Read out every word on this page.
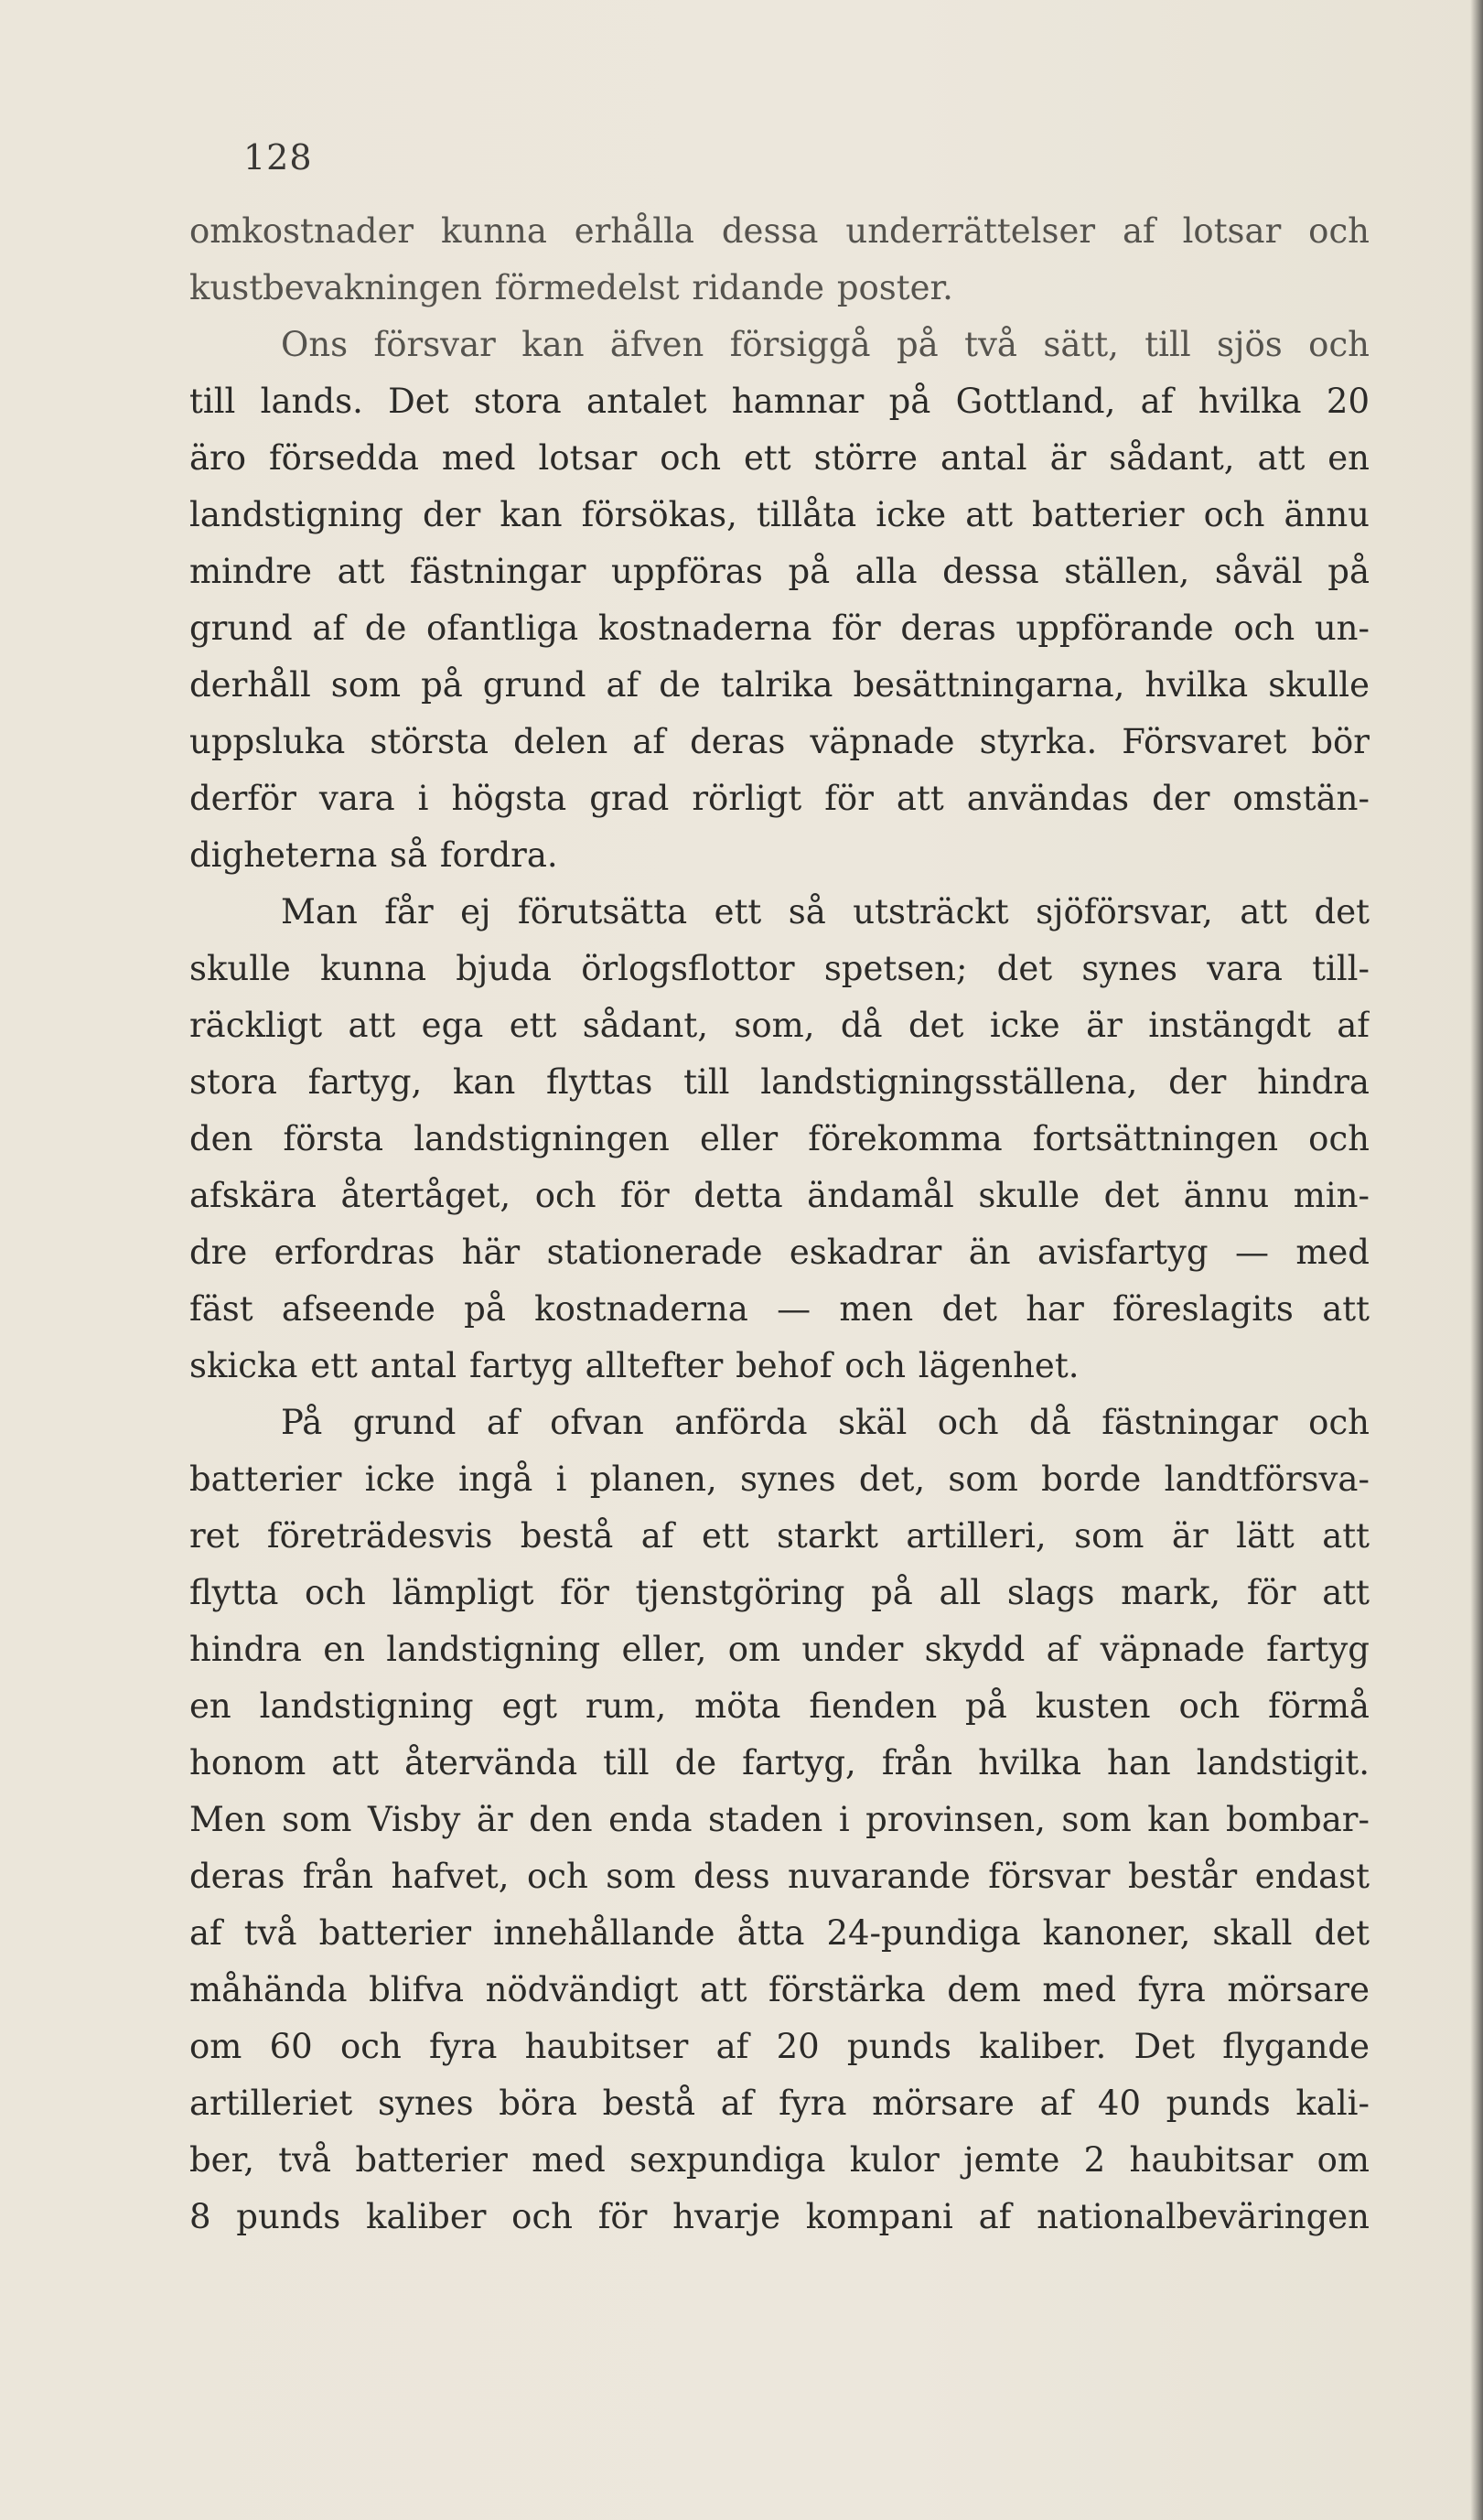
128
omkostnader kunna erhålla dessa underrättelser af lotsar och
kustbevakningen förmedelst ridande poster.
Ons försvar kan äfven försiggå på två sätt, till sjös och
till lands. Det stora antalet hamnar på Gottland, af hvilka 20
äro försedda med lotsar och ett större antal är sådant, att en
landstigning der kan försökas, tillåta icke att batterier och ännu
mindre att fästningar uppföras på alla dessa ställen, såväl på
grund af de ofantliga kostnaderna för deras uppförande och un-
derhåll som på grund af de talrika besättningarna, hvilka skulle
uppsluka största delen af deras väpnade styrka. Försvaret bör
derför vara i högsta grad rörligt för att användas der omstän-
digheterna så fordra.
Man får ej förutsätta ett så utsträckt sjöförsvar, att det
skulle kunna bjuda örlogsflottor spetsen; det synes vara till-
räckligt att ega ett sådant, som, då det icke är instängdt af
stora fartyg, kan flyttas till landstigningsställena, der hindra
den första landstigningen eller förekomma fortsättningen och
afskära återtåget, och för detta ändamål skulle det ännu min-
dre erfordras här stationerade eskadrar än avisfartyg — med
fäst afseende på kostnaderna — men det har föreslagits att
skicka ett antal fartyg alltefter behof och lägenhet.
På grund af ofvan anförda skäl och då fästningar och
batterier icke ingå i planen, synes det, som borde landtförsva-
ret företrädesvis bestå af ett starkt artilleri, som är lätt att
flytta och lämpligt för tjenstgöring på all slags mark, för att
hindra en landstigning eller, om under skydd af väpnade fartyg
en landstigning egt rum, möta fienden på kusten och förmå
honom att återvända till de fartyg, från hvilka han landstigit.
Men som Visby är den enda staden i provinsen, som kan bombar-
deras från hafvet, och som dess nuvarande försvar består endast
af två batterier innehållande åtta 24-pundiga kanoner, skall det
måhända blifva nödvändigt att förstärka dem med fyra mörsare
om 60 och fyra haubitser af 20 punds kaliber. Det flygande
artilleriet synes böra bestå af fyra mörsare af 40 punds kali-
ber, två batterier med sexpundiga kulor jemte 2 haubitsar om
8 punds kaliber och för hvarje kompani af nationalbeväringen
